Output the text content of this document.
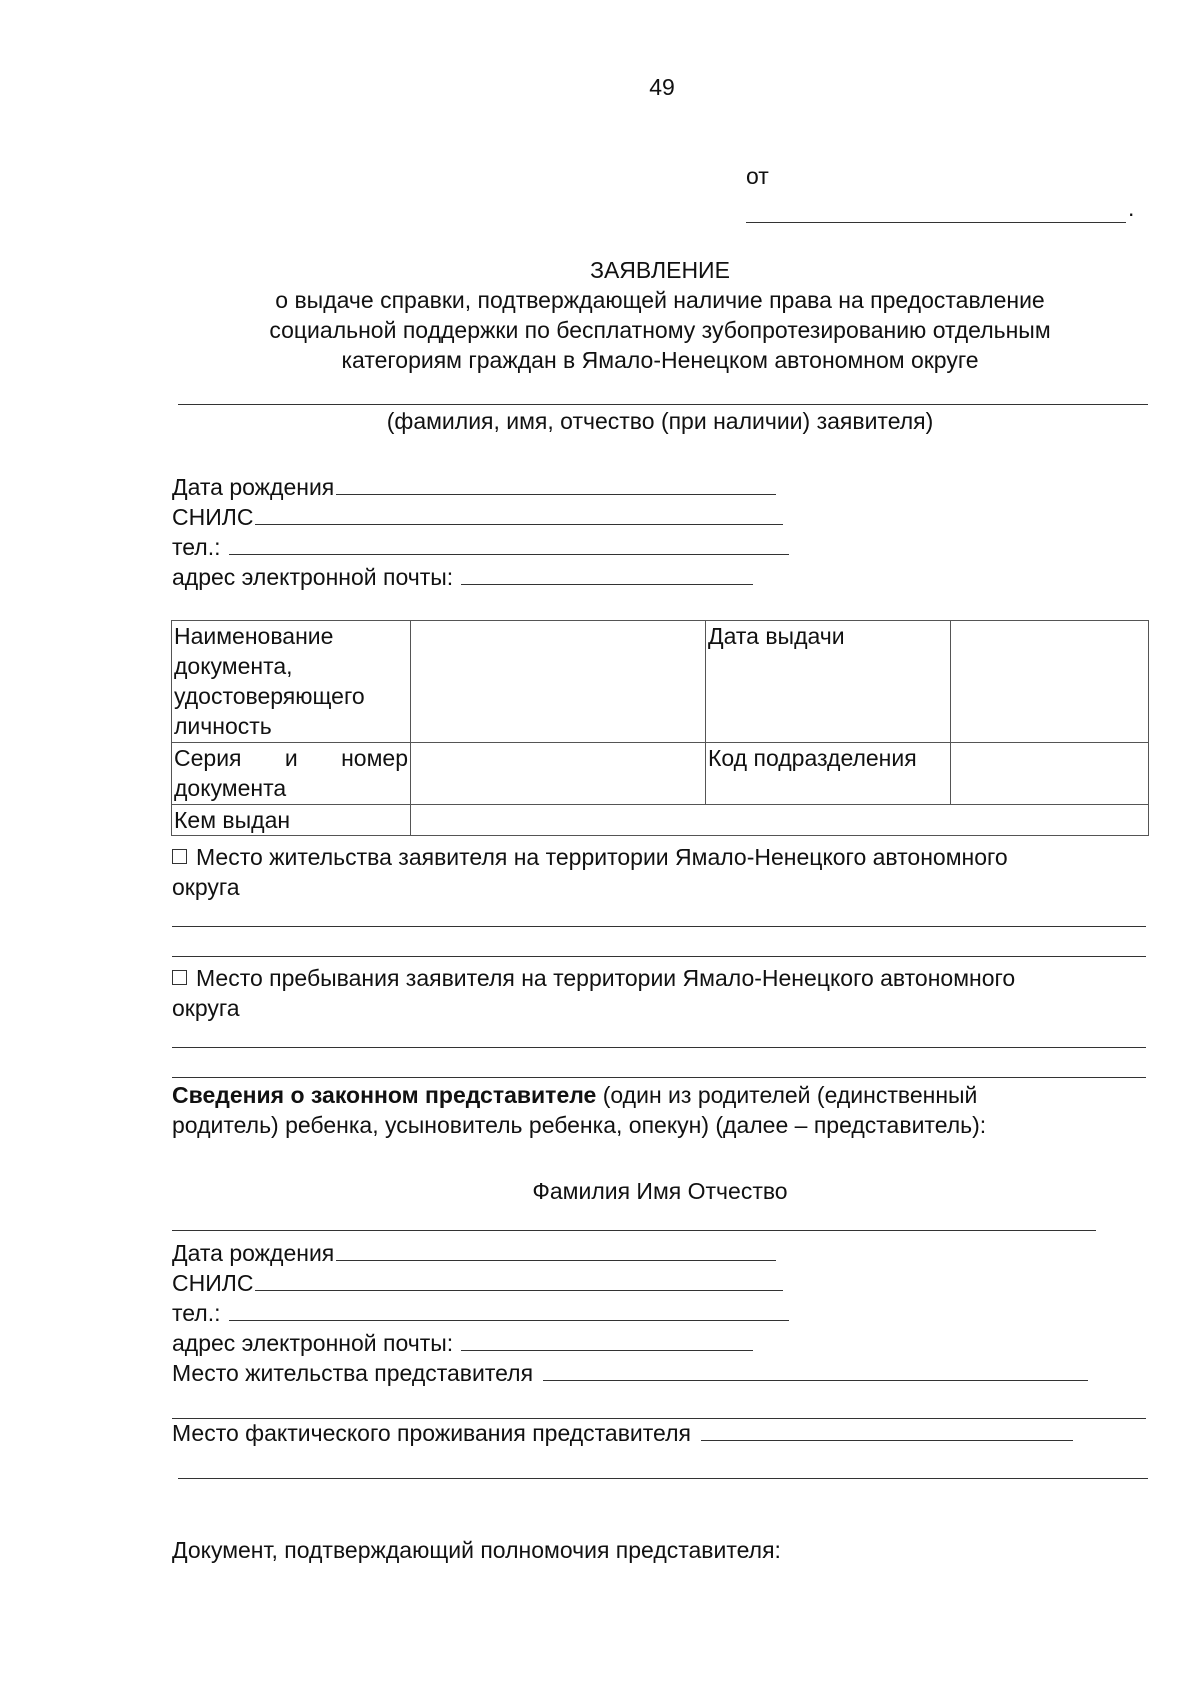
49
от
.
ЗАЯВЛЕНИЕ
о выдаче справки, подтверждающей наличие права на предоставление
социальной поддержки по бесплатному зубопротезированию отдельным
категориям граждан в Ямало-Ненецком автономном округе
(фамилия, имя, отчество (при наличии) заявителя)
Дата рождения
СНИЛС
тел.:
адрес электронной почты:
Наименование
документа,
удостоверяющего
личность		Дата выдачи	

Серия и номер
документа		Код подразделения	
Кем выдан			
Место жительства заявителя на территории Ямало-Ненецкого автономного
округа
Место пребывания заявителя на территории Ямало-Ненецкого автономного
округа
Сведения о законном представителе (один из родителей (единственный
родитель) ребенка, усыновитель ребенка, опекун) (далее – представитель):
Фамилия Имя Отчество
Дата рождения
СНИЛС
тел.:
адрес электронной почты:
Место жительства представителя
Место фактического проживания представителя
Документ, подтверждающий полномочия представителя:
